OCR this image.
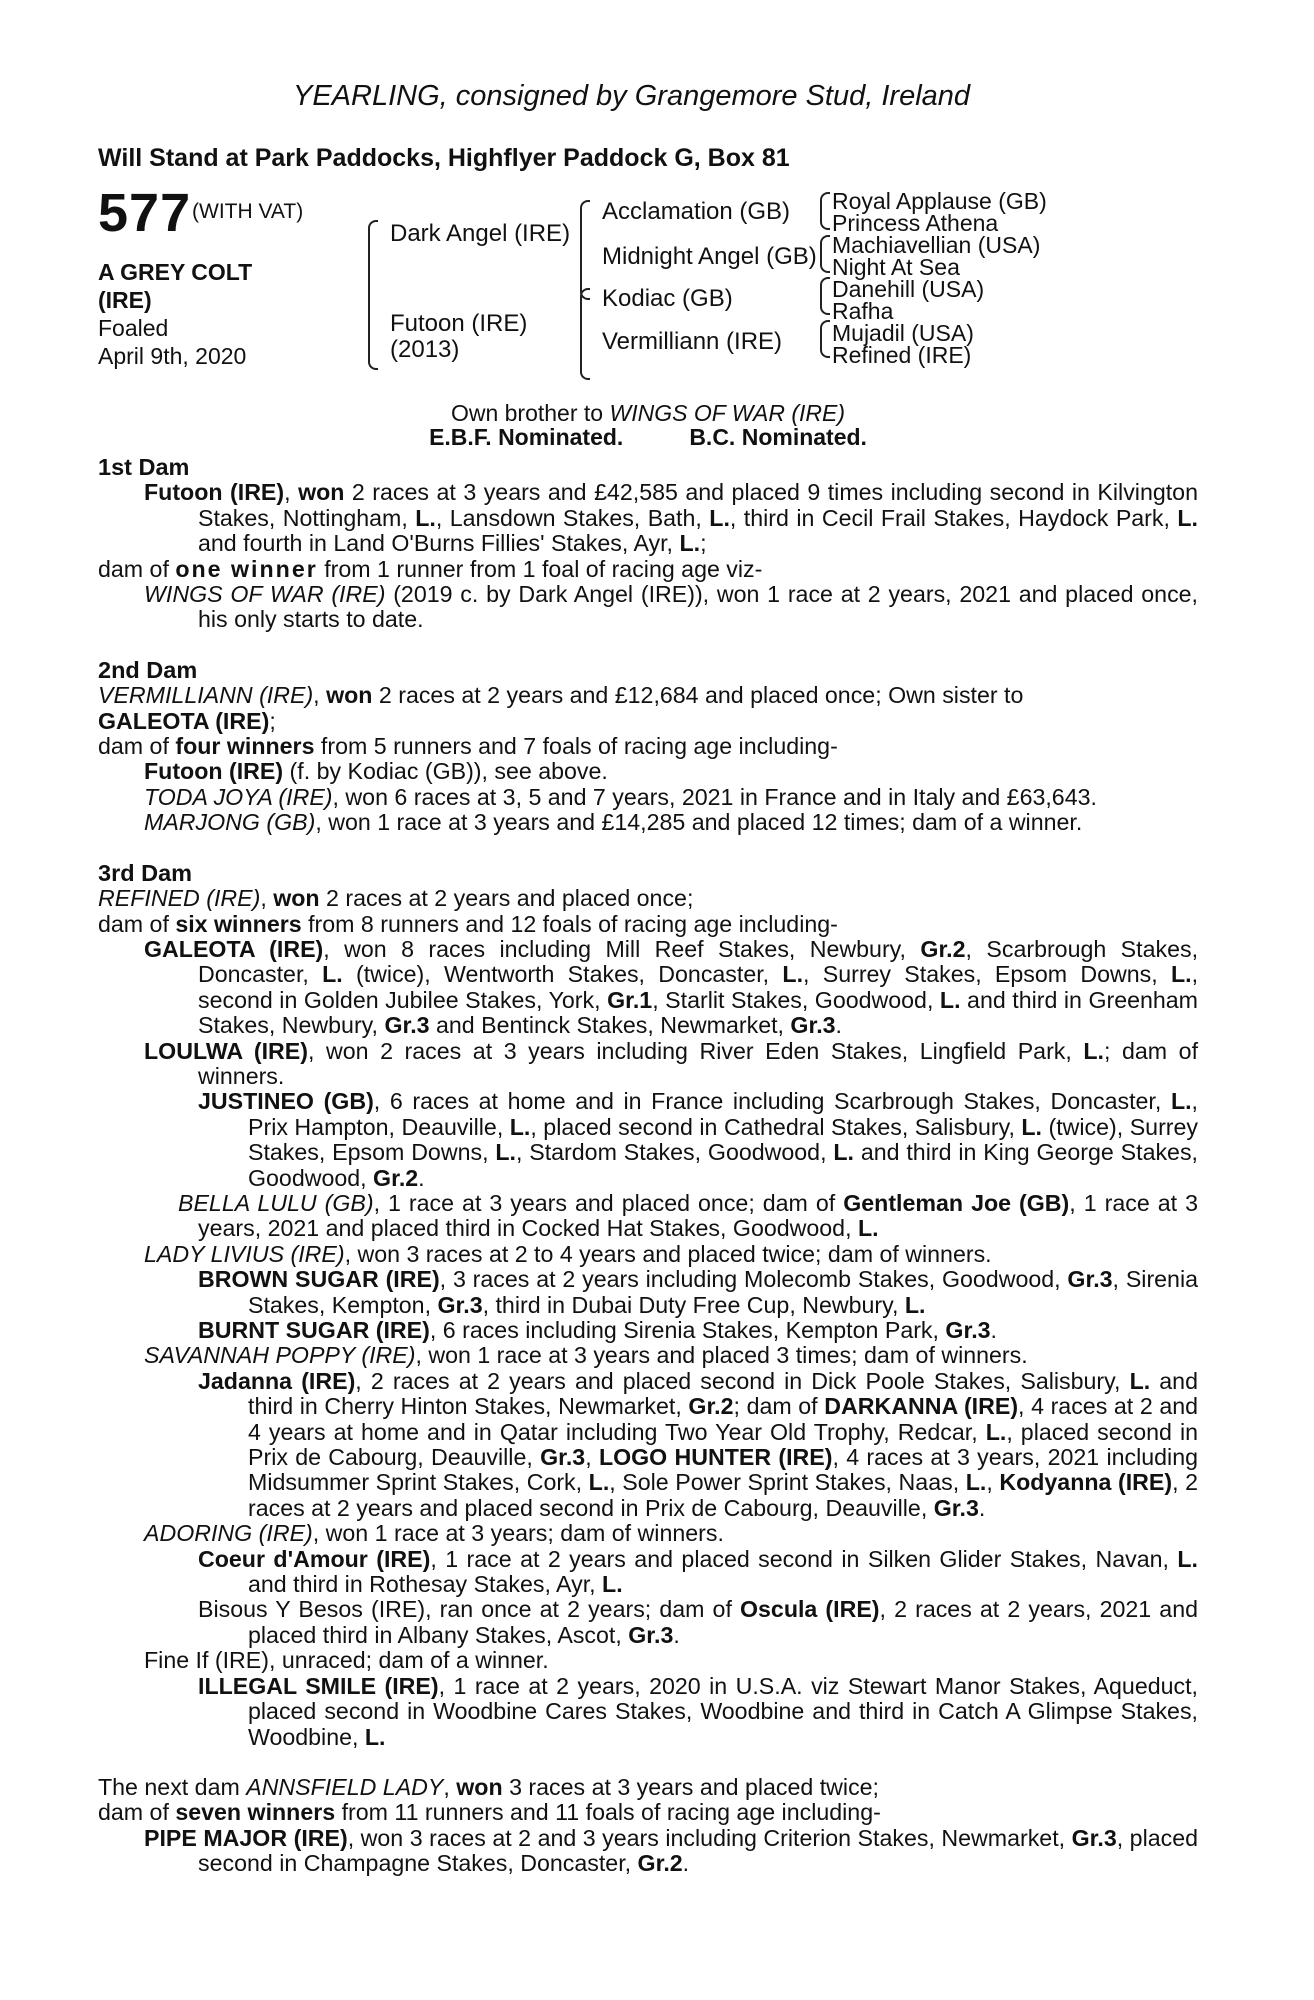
YEARLING, consigned by Grangemore Stud, Ireland
Will Stand at Park Paddocks, Highflyer Paddock G, Box 81
577 (WITH VAT)
A GREY COLT
(IRE)
Foaled
April 9th, 2020
Dark Angel (IRE)
Futoon (IRE)
(2013)
Acclamation (GB)
Midnight Angel (GB)
Kodiac (GB)
Vermilliann (IRE)
Royal Applause (GB)
Princess Athena
Machiavellian (USA)
Night At Sea
Danehill (USA)
Rafha
Mujadil (USA)
Refined (IRE)
Own brother to WINGS OF WAR (IRE)
E.B.F. Nominated.	B.C. Nominated.

1st Dam

Futoon (IRE), won 2 races at 3 years and £42,585 and placed 9 times including second in Kilvington Stakes, Nottingham, L., Lansdown Stakes, Bath, L., third in Cecil Frail Stakes, Haydock Park, L. and fourth in Land O'Burns Fillies' Stakes, Ayr, L.;

dam of one winner from 1 runner from 1 foal of racing age viz-

WINGS OF WAR (IRE) (2019 c. by Dark Angel (IRE)), won 1 race at 2 years, 2021 and placed once, his only starts to date.

2nd Dam

VERMILLIANN (IRE), won 2 races at 2 years and £12,684 and placed once; Own sister to

GALEOTA (IRE);

dam of four winners from 5 runners and 7 foals of racing age including-

Futoon (IRE) (f. by Kodiac (GB)), see above.

TODA JOYA (IRE), won 6 races at 3, 5 and 7 years, 2021 in France and in Italy and £63,643.

MARJONG (GB), won 1 race at 3 years and £14,285 and placed 12 times; dam of a winner.

3rd Dam

REFINED (IRE), won 2 races at 2 years and placed once;

dam of six winners from 8 runners and 12 foals of racing age including-

GALEOTA (IRE), won 8 races including Mill Reef Stakes, Newbury, Gr.2, Scarbrough Stakes, Doncaster, L. (twice), Wentworth Stakes, Doncaster, L., Surrey Stakes, Epsom Downs, L., second in Golden Jubilee Stakes, York, Gr.1, Starlit Stakes, Goodwood, L. and third in Greenham Stakes, Newbury, Gr.3 and Bentinck Stakes, Newmarket, Gr.3.

LOULWA (IRE), won 2 races at 3 years including River Eden Stakes, Lingfield Park, L.; dam of winners.

JUSTINEO (GB), 6 races at home and in France including Scarbrough Stakes, Doncaster, L., Prix Hampton, Deauville, L., placed second in Cathedral Stakes, Salisbury, L. (twice), Surrey Stakes, Epsom Downs, L., Stardom Stakes, Goodwood, L. and third in King George Stakes, Goodwood, Gr.2.

BELLA LULU (GB), 1 race at 3 years and placed once; dam of Gentleman Joe (GB), 1 race at 3 years, 2021 and placed third in Cocked Hat Stakes, Goodwood, L.

LADY LIVIUS (IRE), won 3 races at 2 to 4 years and placed twice; dam of winners.

BROWN SUGAR (IRE), 3 races at 2 years including Molecomb Stakes, Goodwood, Gr.3, Sirenia Stakes, Kempton, Gr.3, third in Dubai Duty Free Cup, Newbury, L.

BURNT SUGAR (IRE), 6 races including Sirenia Stakes, Kempton Park, Gr.3.

SAVANNAH POPPY (IRE), won 1 race at 3 years and placed 3 times; dam of winners.

Jadanna (IRE), 2 races at 2 years and placed second in Dick Poole Stakes, Salisbury, L. and third in Cherry Hinton Stakes, Newmarket, Gr.2; dam of DARKANNA (IRE), 4 races at 2 and 4 years at home and in Qatar including Two Year Old Trophy, Redcar, L., placed second in Prix de Cabourg, Deauville, Gr.3, LOGO HUNTER (IRE), 4 races at 3 years, 2021 including Midsummer Sprint Stakes, Cork, L., Sole Power Sprint Stakes, Naas, L., Kodyanna (IRE), 2 races at 2 years and placed second in Prix de Cabourg, Deauville, Gr.3.

ADORING (IRE), won 1 race at 3 years; dam of winners.

Coeur d'Amour (IRE), 1 race at 2 years and placed second in Silken Glider Stakes, Navan, L. and third in Rothesay Stakes, Ayr, L.

Bisous Y Besos (IRE), ran once at 2 years; dam of Oscula (IRE), 2 races at 2 years, 2021 and placed third in Albany Stakes, Ascot, Gr.3.

Fine If (IRE), unraced; dam of a winner.

ILLEGAL SMILE (IRE), 1 race at 2 years, 2020 in U.S.A. viz Stewart Manor Stakes, Aqueduct, placed second in Woodbine Cares Stakes, Woodbine and third in Catch A Glimpse Stakes, Woodbine, L.

The next dam ANNSFIELD LADY, won 3 races at 3 years and placed twice;

dam of seven winners from 11 runners and 11 foals of racing age including-

PIPE MAJOR (IRE), won 3 races at 2 and 3 years including Criterion Stakes, Newmarket, Gr.3, placed second in Champagne Stakes, Doncaster, Gr.2.
